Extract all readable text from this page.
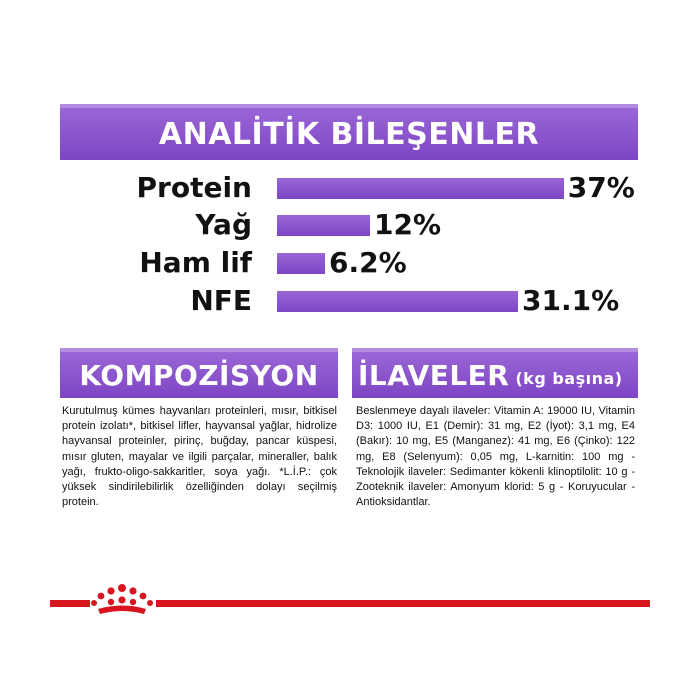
ANALİTİK BİLEŞENLER
Protein	37%
Yağ	12%
Ham lif	6.2%
NFE	31.1%
KOMPOZİSYON
Kurutulmuş kümes hayvanları proteinleri, mısır, bitkisel protein izolatı*, bitkisel lifler, hayvansal yağlar, hidrolize hayvansal proteinler, pirinç, buğday, pancar küspesi, mısır gluten, mayalar ve ilgili parçalar, mineraller, balık yağı, frukto-oligo-sakkaritler, soya yağı. *L.İ.P.: çok yüksek sindirilebilirlik özelliğinden dolayı seçilmiş protein.
İLAVELER (kg başına)
Beslenmeye dayalı ilaveler: Vitamin A: 19000 IU, Vitamin D3: 1000 IU, E1 (Demir): 31 mg, E2 (İyot): 3,1 mg, E4 (Bakır): 10 mg, E5 (Manganez): 41 mg, E6 (Çinko): 122 mg, E8 (Selenyum): 0,05 mg, L-karnitin: 100 mg - Teknolojik ilaveler: Sedimanter kökenli klinoptilolit: 10 g - Zooteknik ilaveler: Amonyum klorid: 5 g - Koruyucular - Antioksidantlar.
